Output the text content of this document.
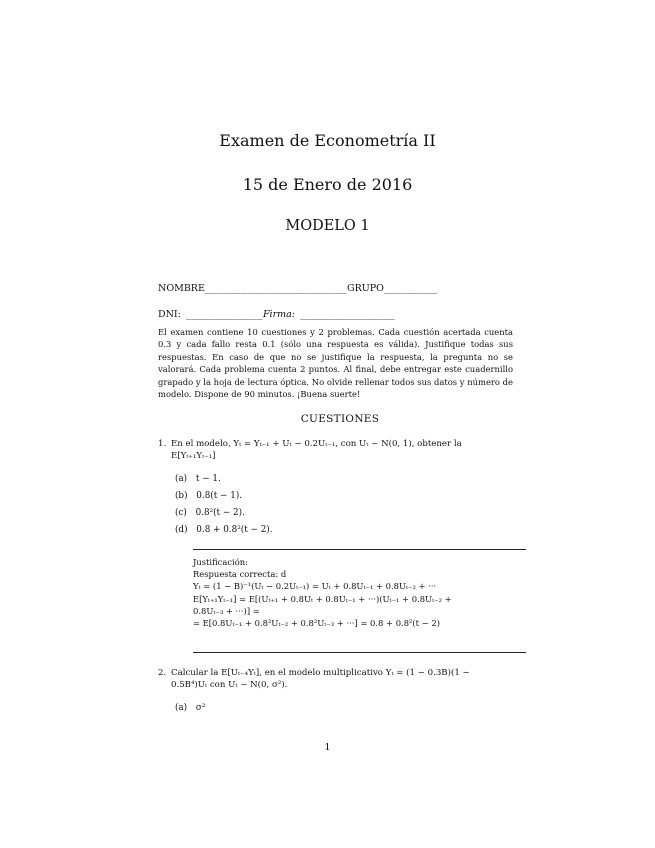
Examen de Econometría II
15 de Enero de 2016
MODELO 1
NOMBRE________________________GRUPO_________
DNI: _____________Firma: ________________
El examen contiene 10 cuestiones y 2 problemas. Cada cuestión acertada cuenta 0.3 y cada fallo resta 0.1 (sólo una respuesta es válida). Justifique todas sus respuestas. En caso de que no se justifique la respuesta, la pregunta no se valorará. Cada problema cuenta 2 puntos. Al final, debe entregar este cuadernillo grapado y la hoja de lectura óptica. No olvide rellenar todos sus datos y número de modelo. Dispone de 90 minutos. ¡Buena suerte!
CUESTIONES
1. En el modelo, Yₜ = Yₜ₋₁ + Uₜ − 0.2Uₜ₋₁, con Uₜ ~ N(0, 1), obtener la
E[Yₜ₊₁Yₜ₋₁]
(a) t − 1.
(b) 0.8(t − 1).
(c) 0.8²(t − 2).
(d) 0.8 + 0.8²(t − 2).
Justificación:
Respuesta correcta: d
Yₜ = (1 − B)⁻¹(Uₜ − 0.2Uₜ₋₁) = Uₜ + 0.8Uₜ₋₁ + 0.8Uₜ₋₂ + ···
E[Yₜ₊₁Yₜ₋₁] = E[(Uₜ₊₁ + 0.8Uₜ + 0.8Uₜ₋₁ + ···)(Uₜ₋₁ + 0.8Uₜ₋₂ +
0.8Uₜ₋₃ + ···)] =
= E[0.8Uₜ₋₁ + 0.8²Uₜ₋₂ + 0.8²Uₜ₋₃ + ···] = 0.8 + 0.8²(t − 2)
2. Calcular la E[Uₜ₋₄Yₜ], en el modelo multiplicativo Yₜ = (1 − 0.3B)(1 −
0.5B⁴)Uₜ con Uₜ ~ N(0, σ²).
(a) σ²
1
